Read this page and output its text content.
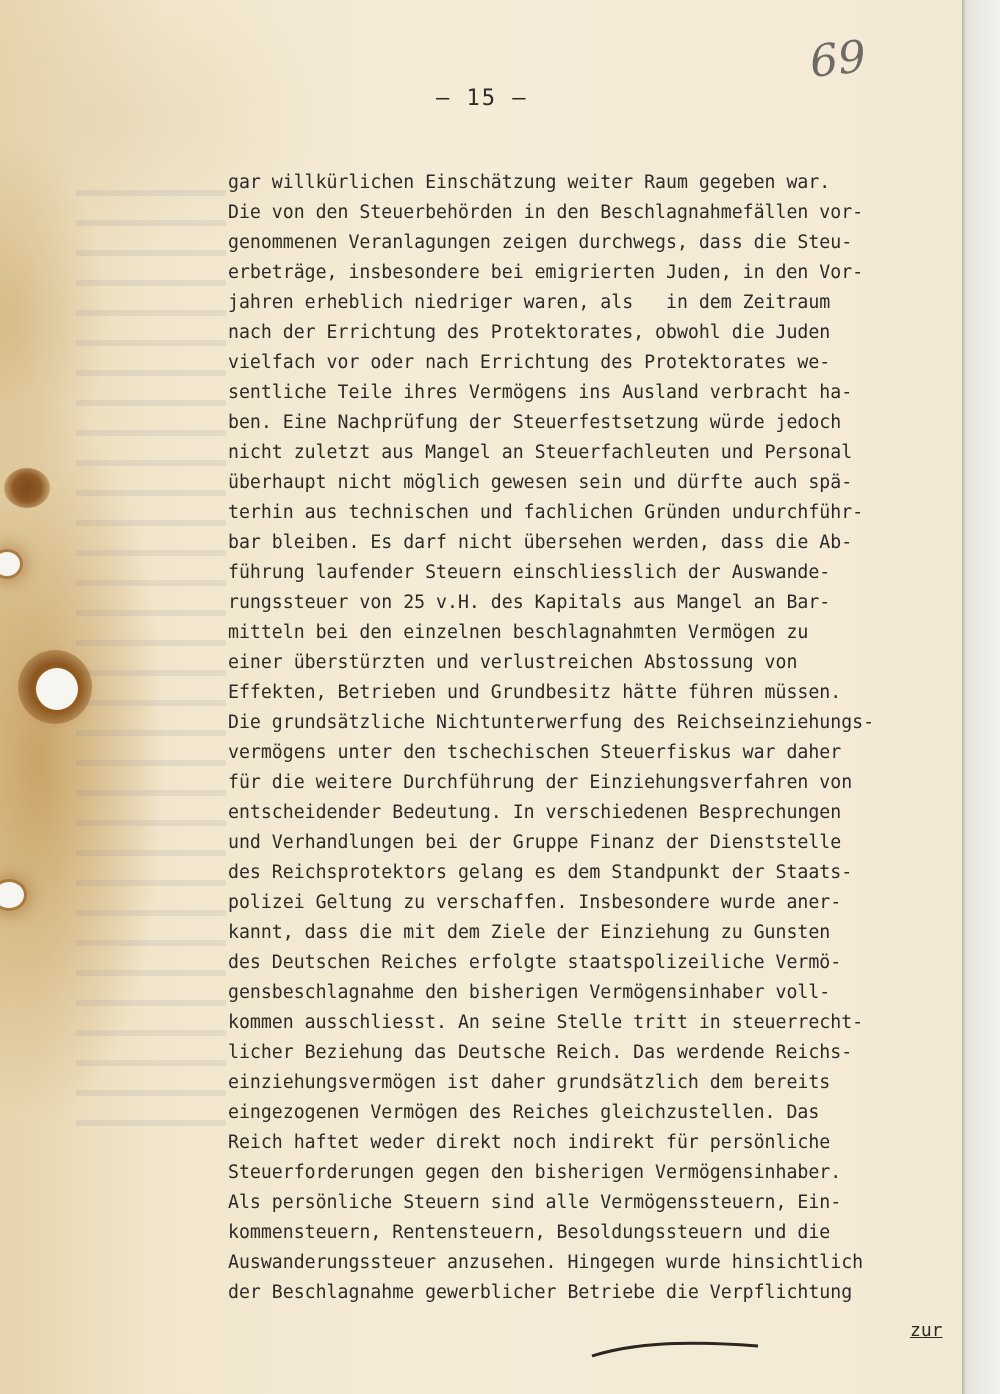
69
– 15 –
gar willkürlichen Einschätzung weiter Raum gegeben war.
Die von den Steuerbehörden in den Beschlagnahmefällen vor-
genommenen Veranlagungen zeigen durchwegs, dass die Steu-
erbeträge, insbesondere bei emigrierten Juden, in den Vor-
jahren erheblich niedriger waren, als   in dem Zeitraum
nach der Errichtung des Protektorates, obwohl die Juden
vielfach vor oder nach Errichtung des Protektorates we-
sentliche Teile ihres Vermögens ins Ausland verbracht ha-
ben. Eine Nachprüfung der Steuerfestsetzung würde jedoch
nicht zuletzt aus Mangel an Steuerfachleuten und Personal
überhaupt nicht möglich gewesen sein und dürfte auch spä-
terhin aus technischen und fachlichen Gründen undurchführ-
bar bleiben. Es darf nicht übersehen werden, dass die Ab-
führung laufender Steuern einschliesslich der Auswande-
rungssteuer von 25 v.H. des Kapitals aus Mangel an Bar-
mitteln bei den einzelnen beschlagnahmten Vermögen zu
einer überstürzten und verlustreichen Abstossung von
Effekten, Betrieben und Grundbesitz hätte führen müssen.
Die grundsätzliche Nichtunterwerfung des Reichseinziehungs-
vermögens unter den tschechischen Steuerfiskus war daher
für die weitere Durchführung der Einziehungsverfahren von
entscheidender Bedeutung. In verschiedenen Besprechungen
und Verhandlungen bei der Gruppe Finanz der Dienststelle
des Reichsprotektors gelang es dem Standpunkt der Staats-
polizei Geltung zu verschaffen. Insbesondere wurde aner-
kannt, dass die mit dem Ziele der Einziehung zu Gunsten
des Deutschen Reiches erfolgte staatspolizeiliche Vermö-
gensbeschlagnahme den bisherigen Vermögensinhaber voll-
kommen ausschliesst. An seine Stelle tritt in steuerrecht-
licher Beziehung das Deutsche Reich. Das werdende Reichs-
einziehungsvermögen ist daher grundsätzlich dem bereits
eingezogenen Vermögen des Reiches gleichzustellen. Das
Reich haftet weder direkt noch indirekt für persönliche
Steuerforderungen gegen den bisherigen Vermögensinhaber.
Als persönliche Steuern sind alle Vermögenssteuern, Ein-
kommensteuern, Rentensteuern, Besoldungssteuern und die
Auswanderungssteuer anzusehen. Hingegen wurde hinsichtlich
der Beschlagnahme gewerblicher Betriebe die Verpflichtung
zur
